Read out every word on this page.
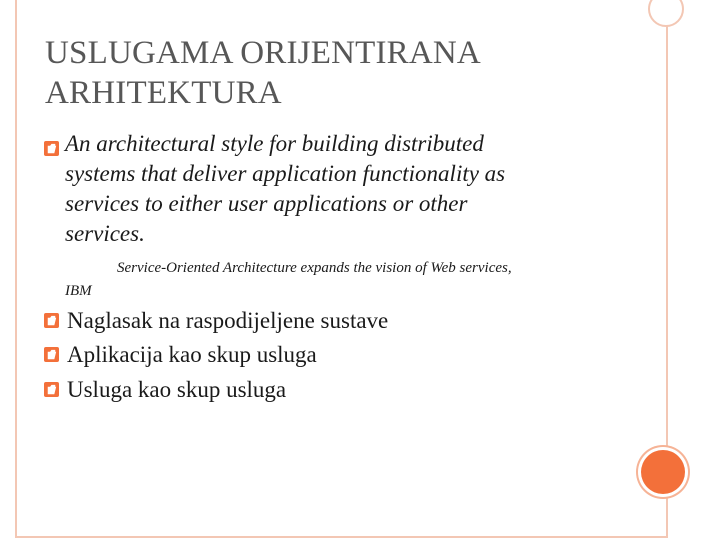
USLUGAMA ORIJENTIRANA
ARHITEKTURA
An architectural style for building distributed
systems that deliver application functionality as
services to either user applications or other
services.
Service-Oriented Architecture expands the vision of Web services,
IBM
Naglasak na raspodijeljene sustave
Aplikacija kao skup usluga
Usluga kao skup usluga
